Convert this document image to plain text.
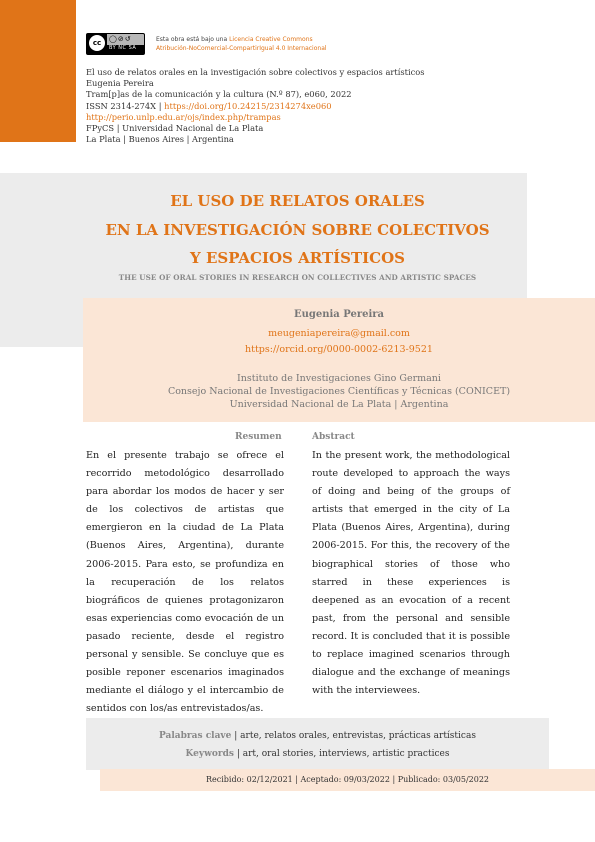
cc	◯⊘↺
BY NC SA
Esta obra está bajo una Licencia Creative Commons
Atribución-NoComercial-CompartirIgual 4.0 Internacional
El uso de relatos orales en la investigación sobre colectivos y espacios artísticos
Eugenia Pereira
Tram[p]as de la comunicación y la cultura (N.º 87), e060, 2022
ISSN 2314-274X | https://doi.org/10.24215/2314274xe060
http://perio.unlp.edu.ar/ojs/index.php/trampas
FPyCS | Universidad Nacional de La Plata
La Plata | Buenos Aires | Argentina
EL USO DE RELATOS ORALES
EN LA INVESTIGACIÓN SOBRE COLECTIVOS
Y ESPACIOS ARTÍSTICOS
THE USE OF ORAL STORIES IN RESEARCH ON COLLECTIVES AND ARTISTIC SPACES
Eugenia Pereira
meugeniapereira@gmail.com
https://orcid.org/0000-0002-6213-9521
Instituto de Investigaciones Gino Germani
Consejo Nacional de Investigaciones Científicas y Técnicas (CONICET)
Universidad Nacional de La Plata | Argentina
Resumen	Abstract
En el presente trabajo se ofrece el recorrido metodológico desarrollado para abordar los modos de hacer y ser de los colectivos de artistas que emergieron en la ciudad de La Plata (Buenos Aires, Argentina), durante 2006-2015. Para esto, se profundiza en la recuperación de los relatos biográficos de quienes protagonizaron esas experiencias como evocación de un pasado reciente, desde el registro personal y sensible. Se concluye que es posible reponer escenarios imaginados mediante el diálogo y el intercambio de sentidos con los/as entrevistados/as.
In the present work, the methodological route developed to approach the ways of doing and being of the groups of artists that emerged in the city of La Plata (Buenos Aires, Argentina), during 2006-2015. For this, the recovery of the biographical stories of those who starred in these experiences is deepened as an evocation of a recent past, from the personal and sensible record. It is concluded that it is possible to replace imagined scenarios through dialogue and the exchange of meanings with the interviewees.
Palabras clave | arte, relatos orales, entrevistas, prácticas artísticas
Keywords | art, oral stories, interviews, artistic practices
Recibido: 02/12/2021 | Aceptado: 09/03/2022 | Publicado: 03/05/2022
